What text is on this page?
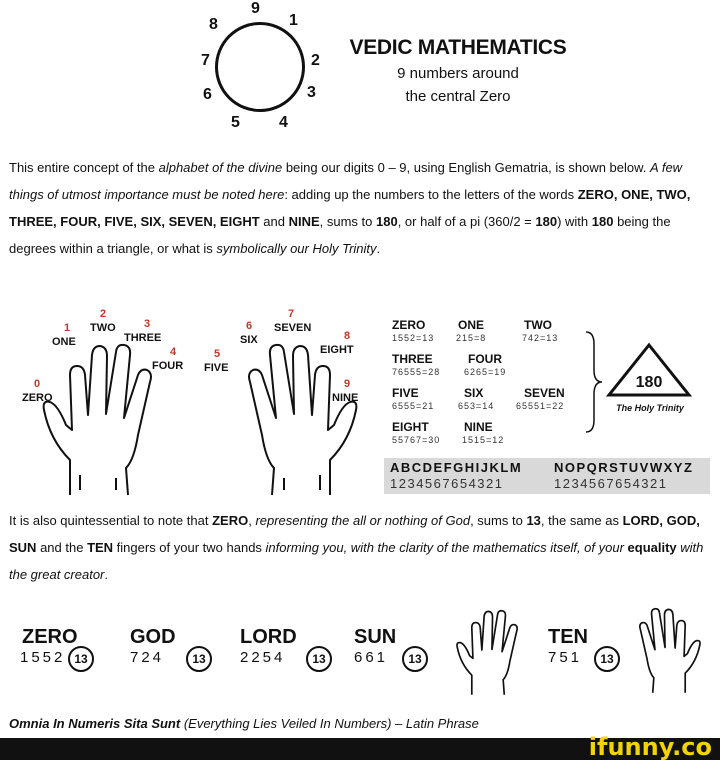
9
1
2
3
4
5
6
7
8
VEDIC MATHEMATICS
9 numbers around
the central Zero
This entire concept of the alphabet of the divine being our digits 0 – 9, using English Gematria, is shown below. A few things of utmost importance must be noted here: adding up the numbers to the letters of the words ZERO, ONE, TWO, THREE, FOUR, FIVE, SIX, SEVEN, EIGHT and NINE, sums to 180, or half of a pi (360/2 = 180) with 180 being the degrees within a triangle, or what is symbolically our Holy Trinity.
0
ZERO
1
ONE
2
TWO	3
THREE
4
FOUR
5
FIVE
6
SIX
7
SEVEN
8
EIGHT
9
NINE
ZERO
1552=13
ONE
215=8
TWO
742=13
THREE
76555=28
FOUR
6265=19
FIVE
6555=21
SIX
653=14
SEVEN
65551=22
EIGHT
55767=30
NINE
1515=12
180
The Holy Trinity
ABCDEFGHIJKLM NOPQRSTUVWXYZ
1234567654321	1234567654321
It is also quintessential to note that ZERO, representing the all or nothing of God, sums to 13, the same as LORD, GOD, SUN and the TEN fingers of your two hands informing you, with the clarity of the mathematics itself, of your equality with the great creator.
ZERO
1552 13
GOD
724	13
LORD
2254	13
SUN
661	13
TEN
751	13
Omnia In Numeris Sita Sunt (Everything Lies Veiled In Numbers) – Latin Phrase
ifunny.co
